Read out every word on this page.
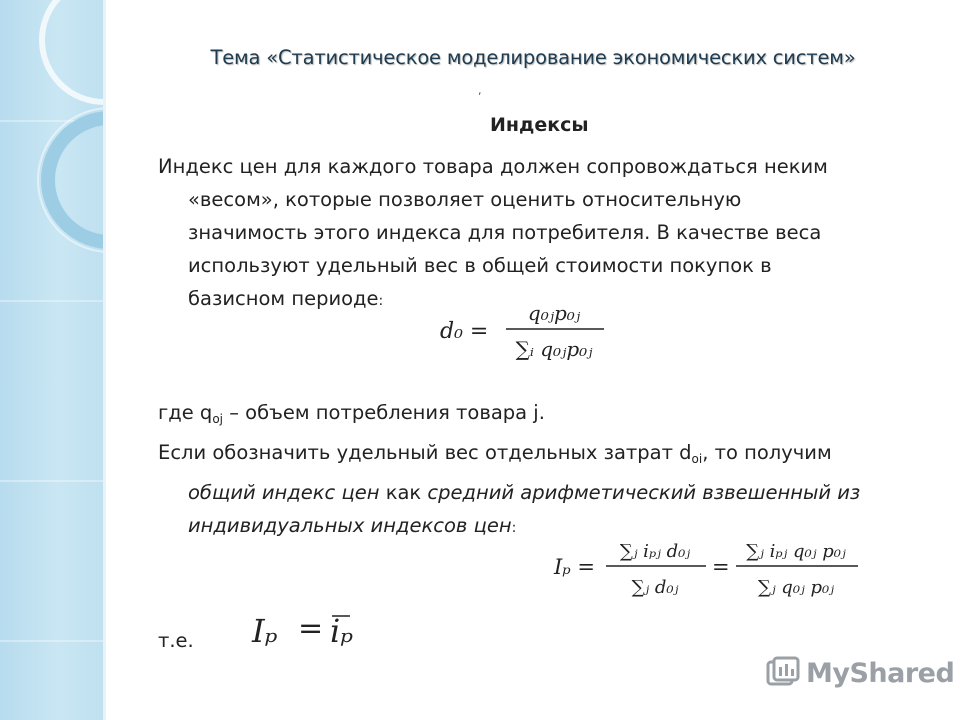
Тема «Статистическое моделирование экономических систем»
,
Индексы
Индекс цен для каждого товара должен сопровождаться неким
«весом», которые позволяет оценить относительную
значимость этого индекса для потребителя. В качестве веса
используют удельный вес в общей стоимости покупок в
базисном периоде:
d₀ =
q₀ⱼp₀ⱼ
∑ᵢ q₀ⱼp₀ⱼ
где $q_{oj}$ – объем потребления товара j.
Если обозначить удельный вес отдельных затрат $d_{oi}$, то получим
общий индекс цен как средний арифметический взвешенный из
индивидуальных индексов цен:
Iₚ =
∑ⱼ iₚⱼ d₀ⱼ
∑ⱼ d₀ⱼ
=
∑ⱼ iₚⱼ q₀ⱼ p₀ⱼ
∑ⱼ q₀ⱼ p₀ⱼ
т.е.	Iₚ = iₚ
MyShared
